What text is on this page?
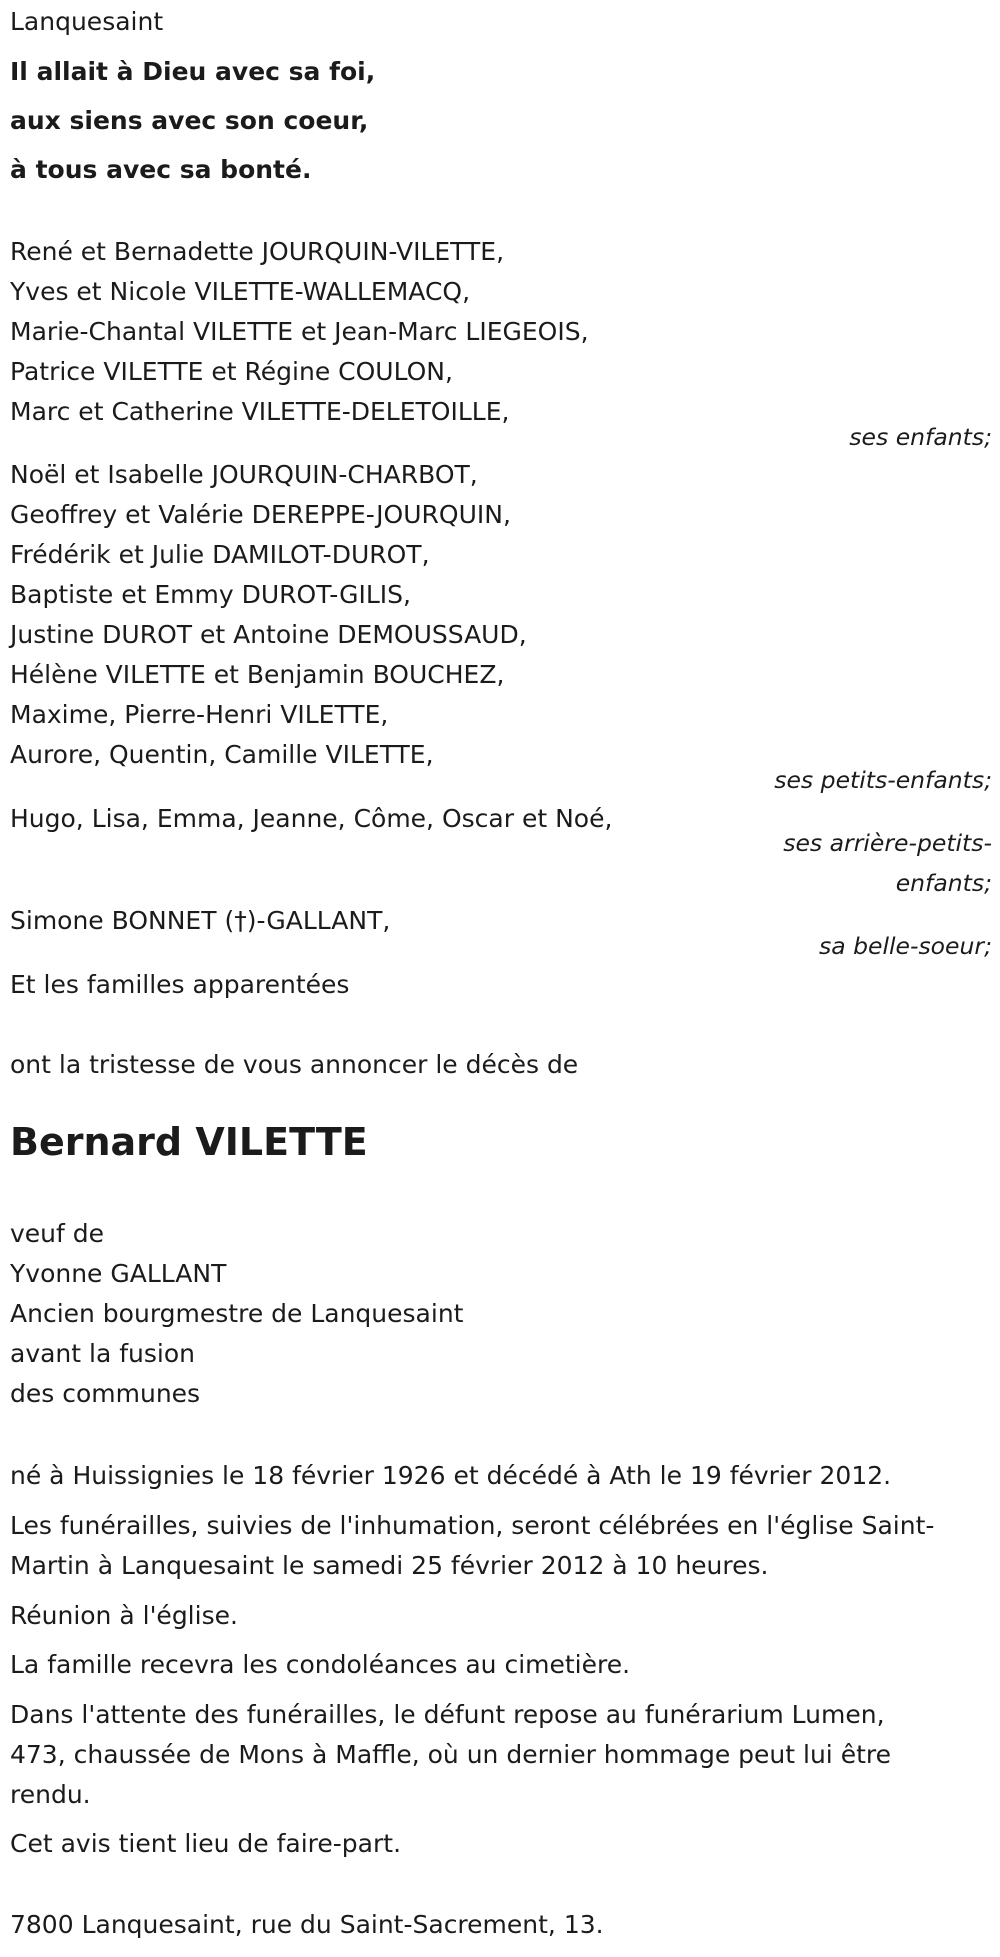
Lanquesaint
Il allait à Dieu avec sa foi,
aux siens avec son coeur,
à tous avec sa bonté.
René et Bernadette JOURQUIN-VILETTE,
Yves et Nicole VILETTE-WALLEMACQ,
Marie-Chantal VILETTE et Jean-Marc LIEGEOIS,
Patrice VILETTE et Régine COULON,
Marc et Catherine VILETTE-DELETOILLE,
ses enfants;
Noël et Isabelle JOURQUIN-CHARBOT,
Geoffrey et Valérie DEREPPE-JOURQUIN,
Frédérik et Julie DAMILOT-DUROT,
Baptiste et Emmy DUROT-GILIS,
Justine DUROT et Antoine DEMOUSSAUD,
Hélène VILETTE et Benjamin BOUCHEZ,
Maxime, Pierre-Henri VILETTE,
Aurore, Quentin, Camille VILETTE,
ses petits-enfants;
Hugo, Lisa, Emma, Jeanne, Côme, Oscar et Noé,
ses arrière-petits-
enfants;
Simone BONNET (†)-GALLANT,
sa belle-soeur;
Et les familles apparentées
ont la tristesse de vous annoncer le décès de
Bernard VILETTE
veuf de
Yvonne GALLANT
Ancien bourgmestre de Lanquesaint
avant la fusion
des communes
né à Huissignies le 18 février 1926 et décédé à Ath le 19 février 2012.
Les funérailles, suivies de l'inhumation, seront célébrées en l'église Saint-
Martin à Lanquesaint le samedi 25 février 2012 à 10 heures.
Réunion à l'église.
La famille recevra les condoléances au cimetière.
Dans l'attente des funérailles, le défunt repose au funérarium Lumen,
473, chaussée de Mons à Maffle, où un dernier hommage peut lui être
rendu.
Cet avis tient lieu de faire-part.
7800 Lanquesaint, rue du Saint-Sacrement, 13.
